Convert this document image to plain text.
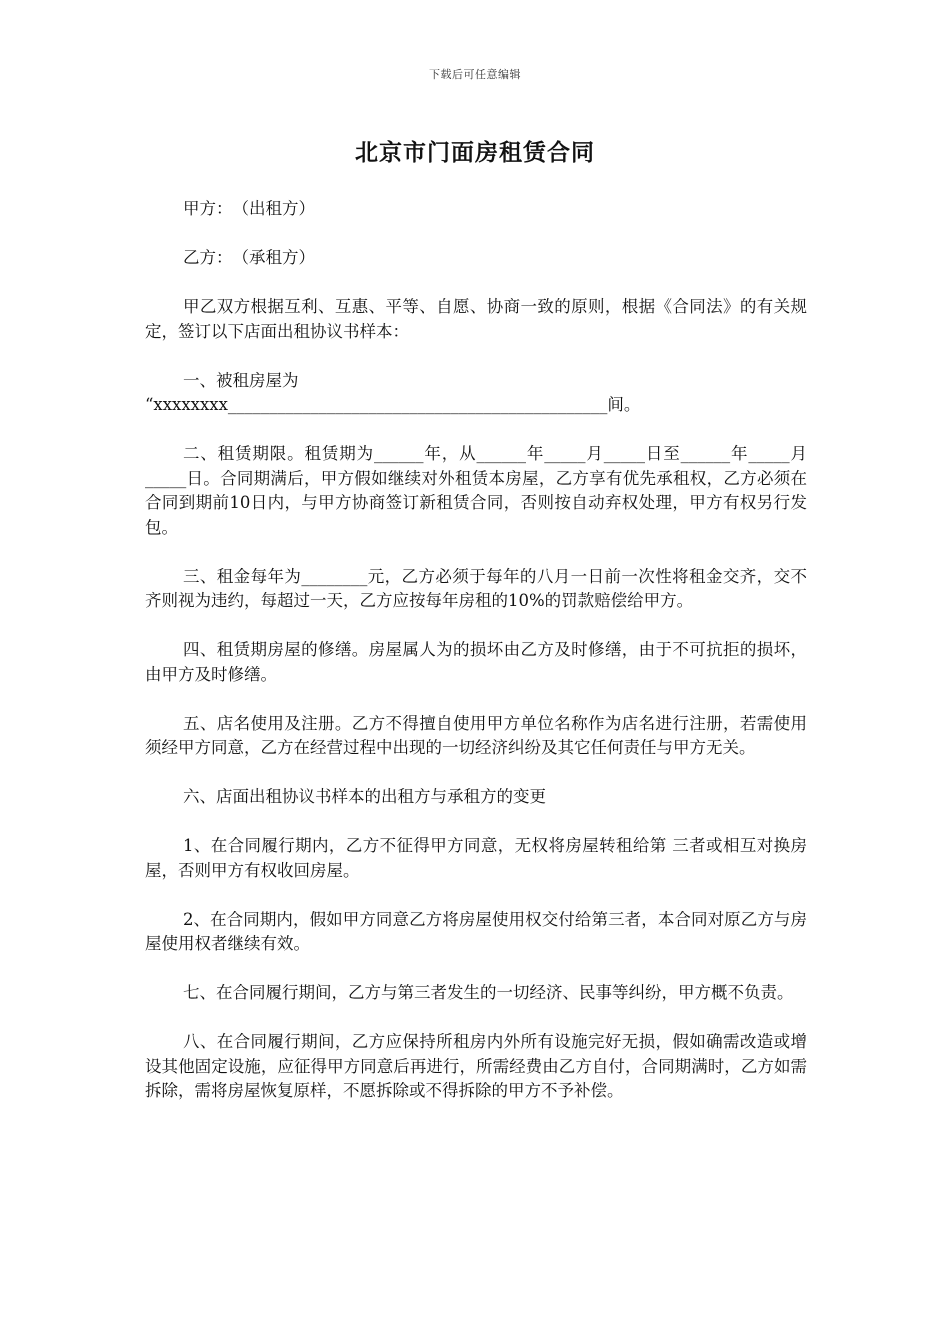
下载后可任意编辑
北京市门面房租赁合同

甲方：　（出租方）

乙方：　（承租方）

甲乙双方根据互利、互惠、平等、自愿、协商一致的原则，根据《合同法》的有关规定，签订以下店面出租协议书样本：

一、被租房屋为

“xxxxxxxx______________________________________________间。

二、租赁期限。租赁期为______年，从______年_____月_____日至______年_____月_____日。合同期满后，甲方假如继续对外租赁本房屋，乙方享有优先承租权，乙方必须在合同到期前10日内，与甲方协商签订新租赁合同，否则按自动弃权处理，甲方有权另行发包。

三、租金每年为________元，乙方必须于每年的八月一日前一次性将租金交齐，交不齐则视为违约，每超过一天，乙方应按每年房租的10%的罚款赔偿给甲方。

四、租赁期房屋的修缮。房屋属人为的损坏由乙方及时修缮，由于不可抗拒的损坏，由甲方及时修缮。

五、店名使用及注册。乙方不得擅自使用甲方单位名称作为店名进行注册，若需使用须经甲方同意，乙方在经营过程中出现的一切经济纠纷及其它任何责任与甲方无关。

六、店面出租协议书样本的出租方与承租方的变更

1、在合同履行期内，乙方不征得甲方同意，无权将房屋转租给第 三者或相互对换房屋，否则甲方有权收回房屋。

2、在合同期内，假如甲方同意乙方将房屋使用权交付给第三者，本合同对原乙方与房屋使用权者继续有效。

七、在合同履行期间，乙方与第三者发生的一切经济、民事等纠纷，甲方概不负责。

八、在合同履行期间，乙方应保持所租房内外所有设施完好无损，假如确需改造或增设其他固定设施，应征得甲方同意后再进行，所需经费由乙方自付，合同期满时，乙方如需拆除，需将房屋恢复原样，不愿拆除或不得拆除的甲方不予补偿。
